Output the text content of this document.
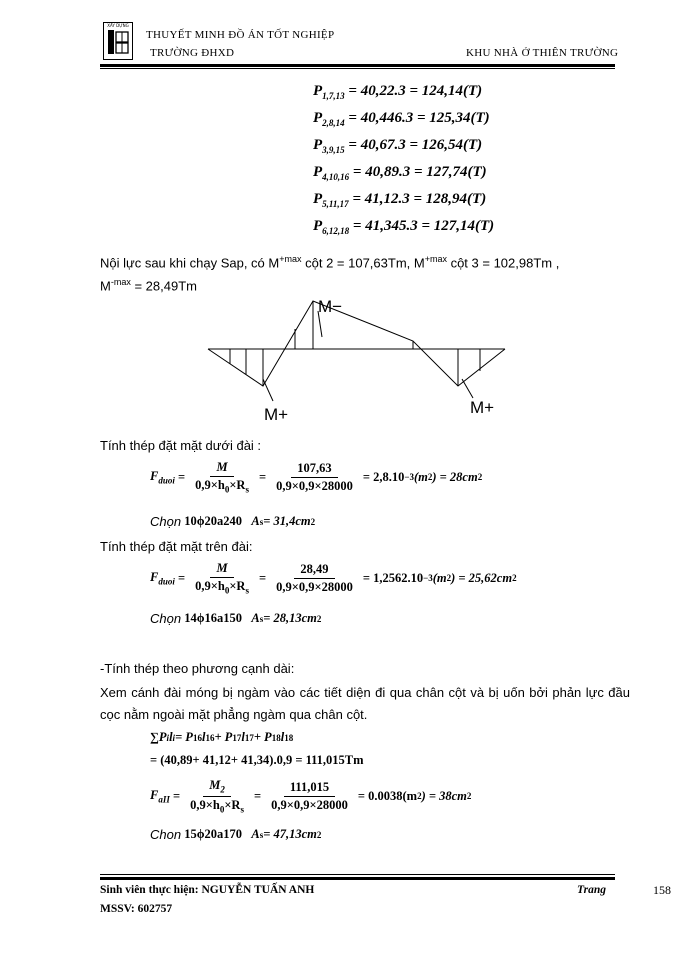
XÂY DỰNG
THUYẾT MINH ĐỒ ÁN TỐT NGHIỆP
TRƯỜNG ĐHXD	KHU NHÀ Ở THIÊN TRƯỜNG
$P_{1,7,13} = 40,22.3 = 124,14(T)$
$P_{2,8,14} = 40,446.3 = 125,34(T)$
$P_{3,9,15} = 40,67.3 = 126,54(T)$
$P_{4,10,16} = 40,89.3 = 127,74(T)$
$P_{5,11,17} = 41,12.3 = 128,94(T)$
$P_{6,12,18} = 41,345.3 = 127,14(T)$
Nội lực sau khi chạy Sap, có $M^{+max}$ cột 2 = 107,63Tm, $M^{+max}$ cột 3 = 102,98Tm ,
$M^{-max} = 28,49Tm$
M−
M+	M+
Tính thép đặt mặt dưới đài :
$F_{duoi} = \frac{M}{0,9\times h_0\times R_s} = \frac{107,63}{0,9\times 0,9\times 28000} = 2,8.10 -3$ (m 2 ) = 28cm 2
Chọn
10ϕ20a240
A s = 31,4cm 2
Tính thép đặt mặt trên đài:
$F_{duoi} = \frac{M}{0,9\times h_0\times R_s} = \frac{28,49}{0,9\times 0,9\times 28000} = 1,2562.10 -3$ (m 2 ) = 25,62cm 2
Chọn
14ϕ16a150
A s = 28,13cm 2
-Tính thép theo phương cạnh dài:
Xem cánh đài móng bị ngàm vào các tiết diện đi qua chân cột và bị uốn bởi phản lực đầu cọc nằm ngoài mặt phẳng ngàm qua chân cột.
∑P i l i = P 16 l 16 + P 17 l 17 + P 18 l 18
= (40,89+ 41,12+ 41,34).0,9 = 111,015Tm
$F_{aII} = \frac{M_2}{0,9\times h_0\times R_s} = \frac{111,015}{0,9\times 0,9\times 28000} = 0.0038(m$ 2 ) = 38cm 2
Chon
15ϕ20a170
A s = 47,13cm 2
Sinh viên thực hiện: NGUYỄN TUẤN ANH
MSSV: 602757
Trang	158
